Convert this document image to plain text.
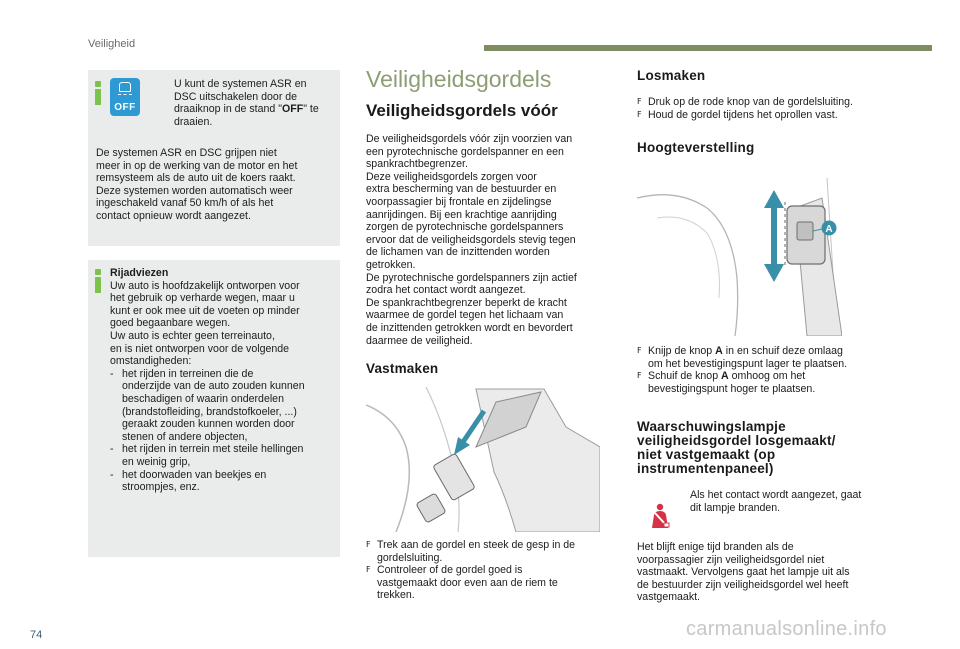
Veiligheid
OFF
U kunt de systemen ASR en
DSC uitschakelen door de
draaiknop in de stand "OFF" te
draaien.
De systemen ASR en DSC grijpen niet
meer in op de werking van de motor en het
remsysteem als de auto uit de koers raakt.
Deze systemen worden automatisch weer
ingeschakeld vanaf 50 km/h of als het
contact opnieuw wordt aangezet.
Rijadviezen
Uw auto is hoofdzakelijk ontworpen voor
het gebruik op verharde wegen, maar u
kunt er ook mee uit de voeten op minder
goed begaanbare wegen.
Uw auto is echter geen terreinauto,
en is niet ontworpen voor de volgende
omstandigheden:
- het rijden in terreinen die de
onderzijde van de auto zouden kunnen
beschadigen of waarin onderdelen
(brandstofleiding, brandstofkoeler, ...)
geraakt zouden kunnen worden door
stenen of andere objecten,
- het rijden in terrein met steile hellingen
en weinig grip,
- het doorwaden van beekjes en
stroompjes, enz.
Veiligheidsgordels
Veiligheidsgordels vóór
De veiligheidsgordels vóór zijn voorzien van
een pyrotechnische gordelspanner en een
spankrachtbegrenzer.
Deze veiligheidsgordels zorgen voor
extra bescherming van de bestuurder en
voorpassagier bij frontale en zijdelingse
aanrijdingen. Bij een krachtige aanrijding
zorgen de pyrotechnische gordelspanners
ervoor dat de veiligheidsgordels stevig tegen
de lichamen van de inzittenden worden
getrokken.
De pyrotechnische gordelspanners zijn actief
zodra het contact wordt aangezet.
De spankrachtbegrenzer beperkt de kracht
waarmee de gordel tegen het lichaam van
de inzittenden getrokken wordt en bevordert
daarmee de veiligheid.
Vastmaken
F Trek aan de gordel en steek de gesp in de
gordelsluiting.
F Controleer of de gordel goed is
vastgemaakt door even aan de riem te
trekken.
Losmaken
F Druk op de rode knop van de gordelsluiting.
F Houd de gordel tijdens het oprollen vast.
Hoogteverstelling
A
F Knijp de knop A in en schuif deze omlaag
om het bevestigingspunt lager te plaatsen.
F Schuif de knop A omhoog om het
bevestigingspunt hoger te plaatsen.
Waarschuwingslampje
veiligheidsgordel losgemaakt/
niet vastgemaakt (op
instrumentenpaneel)
Als het contact wordt aangezet, gaat
dit lampje branden.
Het blijft enige tijd branden als de
voorpassagier zijn veiligheidsgordel niet
vastmaakt. Vervolgens gaat het lampje uit als
de bestuurder zijn veiligheidsgordel wel heeft
vastgemaakt.
74	carmanualsonline.info
